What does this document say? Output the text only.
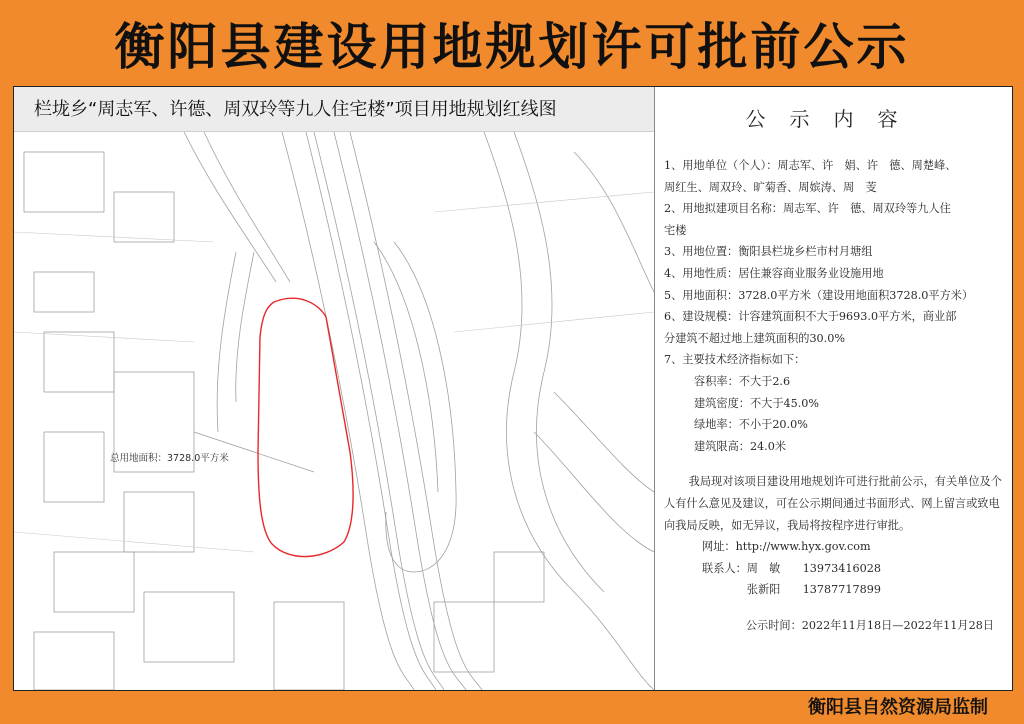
衡阳县建设用地规划许可批前公示
栏垅乡“周志军、许德、周双玲等九人住宅楼”项目用地规划红线图
总用地面积：3728.0平方米
公示内容
1、用地单位（个人）：周志军、许　娟、许　德、周楚峰、
周红生、周双玲、旷菊香、周嫔涛、周　芰
2、用地拟建项目名称：周志军、许　德、周双玲等九人住
宅楼
3、用地位置：衡阳县栏垅乡栏市村月塘组
4、用地性质：居住兼容商业服务业设施用地
5、用地面积：3728.0平方米（建设用地面积3728.0平方米）
6、建设规模：计容建筑面积不大于9693.0平方米，商业部
分建筑不超过地上建筑面积的30.0%
7、主要技术经济指标如下：
容积率：不大于2.6
建筑密度：不大于45.0%
绿地率：不小于20.0%
建筑限高：24.0米
我局现对该项目建设用地规划许可进行批前公示，有关单位及个人有什么意见及建议，可在公示期间通过书面形式、网上留言或致电向我局反映，如无异议，我局将按程序进行审批。
网址：http://www.hyx.gov.com
联系人：周　敏　　13973416028
　　　　张新阳　　13787717899
公示时间：2022年11月18日—2022年11月28日
衡阳县自然资源局监制
